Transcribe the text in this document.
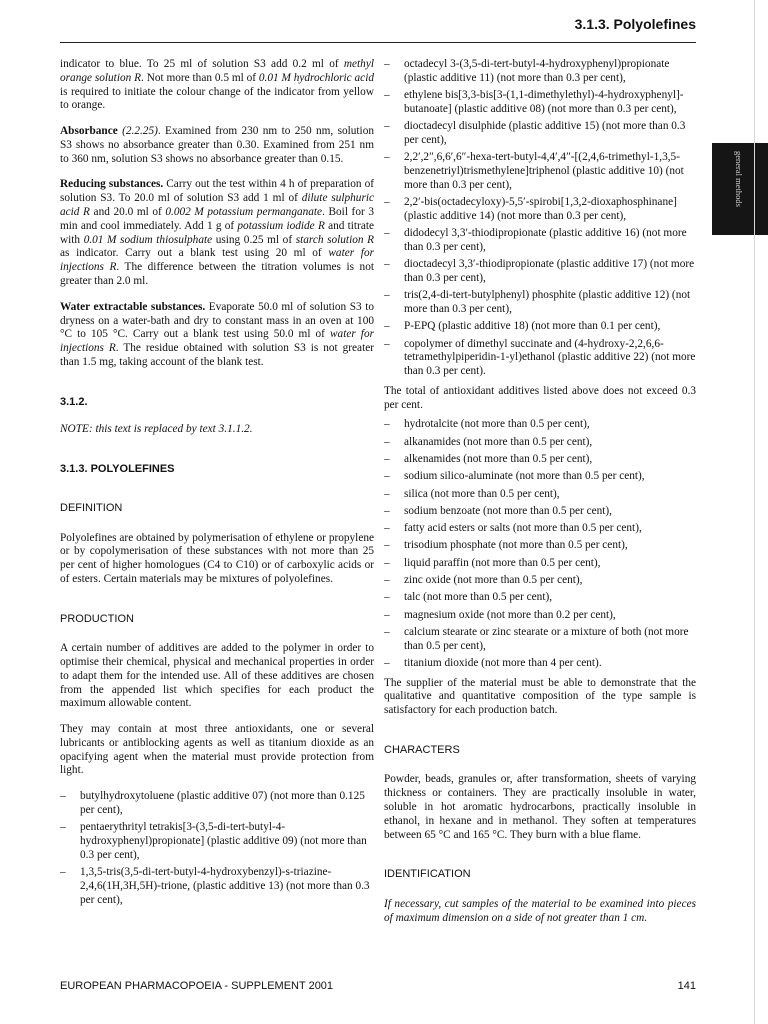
3.1.3. Polyolefines
general methods

indicator to blue. To 25 ml of solution S3 add 0.2 ml of methyl orange solution R. Not more than 0.5 ml of 0.01 M hydrochloric acid is required to initiate the colour change of the indicator from yellow to orange.

Absorbance (2.2.25). Examined from 230 nm to 250 nm, solution S3 shows no absorbance greater than 0.30. Examined from 251 nm to 360 nm, solution S3 shows no absorbance greater than 0.15.

Reducing substances. Carry out the test within 4 h of preparation of solution S3. To 20.0 ml of solution S3 add 1 ml of dilute sulphuric acid R and 20.0 ml of 0.002 M potassium permanganate. Boil for 3 min and cool immediately. Add 1 g of potassium iodide R and titrate with 0.01 M sodium thiosulphate using 0.25 ml of starch solution R as indicator. Carry out a blank test using 20 ml of water for injections R. The difference between the titration volumes is not greater than 2.0 ml.

Water extractable substances. Evaporate 50.0 ml of solution S3 to dryness on a water-bath and dry to constant mass in an oven at 100 °C to 105 °C. Carry out a blank test using 50.0 ml of water for injections R. The residue obtained with solution S3 is not greater than 1.5 mg, taking account of the blank test.

3.1.2.

NOTE: this text is replaced by text 3.1.1.2.

3.1.3. POLYOLEFINES
DEFINITION

Polyolefines are obtained by polymerisation of ethylene or propylene or by copolymerisation of these substances with not more than 25 per cent of higher homologues (C4 to C10) or of carboxylic acids or of esters. Certain materials may be mixtures of polyolefines.

PRODUCTION

A certain number of additives are added to the polymer in order to optimise their chemical, physical and mechanical properties in order to adapt them for the intended use. All of these additives are chosen from the appended list which specifies for each product the maximum allowable content.

They may contain at most three antioxidants, one or several lubricants or antiblocking agents as well as titanium dioxide as an opacifying agent when the material must provide protection from light.

– butylhydroxytoluene (plastic additive 07) (not more than 0.125 per cent),
– pentaerythrityl tetrakis[3-(3,5-di-tert-butyl-4-hydroxyphenyl)propionate] (plastic additive 09) (not more than 0.3 per cent),
– 1,3,5-tris(3,5-di-tert-butyl-4-hydroxybenzyl)-s-triazine-2,4,6(1H,3H,5H)-trione, (plastic additive 13) (not more than 0.3 per cent),
– octadecyl 3-(3,5-di-tert-butyl-4-hydroxyphenyl)propionate (plastic additive 11) (not more than 0.3 per cent),
– ethylene bis[3,3-bis[3-(1,1-dimethylethyl)-4-hydroxyphenyl]-butanoate] (plastic additive 08) (not more than 0.3 per cent),
– dioctadecyl disulphide (plastic additive 15) (not more than 0.3 per cent),
– 2,2′,2″,6,6′,6″-hexa-tert-butyl-4,4′,4″-[(2,4,6-trimethyl-1,3,5-benzenetriyl)trismethylene]triphenol (plastic additive 10) (not more than 0.3 per cent),
– 2,2′-bis(octadecyloxy)-5,5′-spirobi[1,3,2-dioxaphosphinane] (plastic additive 14) (not more than 0.3 per cent),
– didodecyl 3,3′-thiodipropionate (plastic additive 16) (not more than 0.3 per cent),
– dioctadecyl 3,3′-thiodipropionate (plastic additive 17) (not more than 0.3 per cent),
– tris(2,4-di-tert-butylphenyl) phosphite (plastic additive 12) (not more than 0.3 per cent),
– P-EPQ (plastic additive 18) (not more than 0.1 per cent),
– copolymer of dimethyl succinate and (4-hydroxy-2,2,6,6-tetramethylpiperidin-1-yl)ethanol (plastic additive 22) (not more than 0.3 per cent).

The total of antioxidant additives listed above does not exceed 0.3 per cent.

– hydrotalcite (not more than 0.5 per cent),
– alkanamides (not more than 0.5 per cent),
– alkenamides (not more than 0.5 per cent),
– sodium silico-aluminate (not more than 0.5 per cent),
– silica (not more than 0.5 per cent),
– sodium benzoate (not more than 0.5 per cent),
– fatty acid esters or salts (not more than 0.5 per cent),
– trisodium phosphate (not more than 0.5 per cent),
– liquid paraffin (not more than 0.5 per cent),
– zinc oxide (not more than 0.5 per cent),
– talc (not more than 0.5 per cent),
– magnesium oxide (not more than 0.2 per cent),
– calcium stearate or zinc stearate or a mixture of both (not more than 0.5 per cent),
– titanium dioxide (not more than 4 per cent).

The supplier of the material must be able to demonstrate that the qualitative and quantitative composition of the type sample is satisfactory for each production batch.

CHARACTERS

Powder, beads, granules or, after transformation, sheets of varying thickness or containers. They are practically insoluble in water, soluble in hot aromatic hydrocarbons, practically insoluble in ethanol, in hexane and in methanol. They soften at temperatures between 65 °C and 165 °C. They burn with a blue flame.

IDENTIFICATION

If necessary, cut samples of the material to be examined into pieces of maximum dimension on a side of not greater than 1 cm.

EUROPEAN PHARMACOPOEIA - SUPPLEMENT 2001	141
